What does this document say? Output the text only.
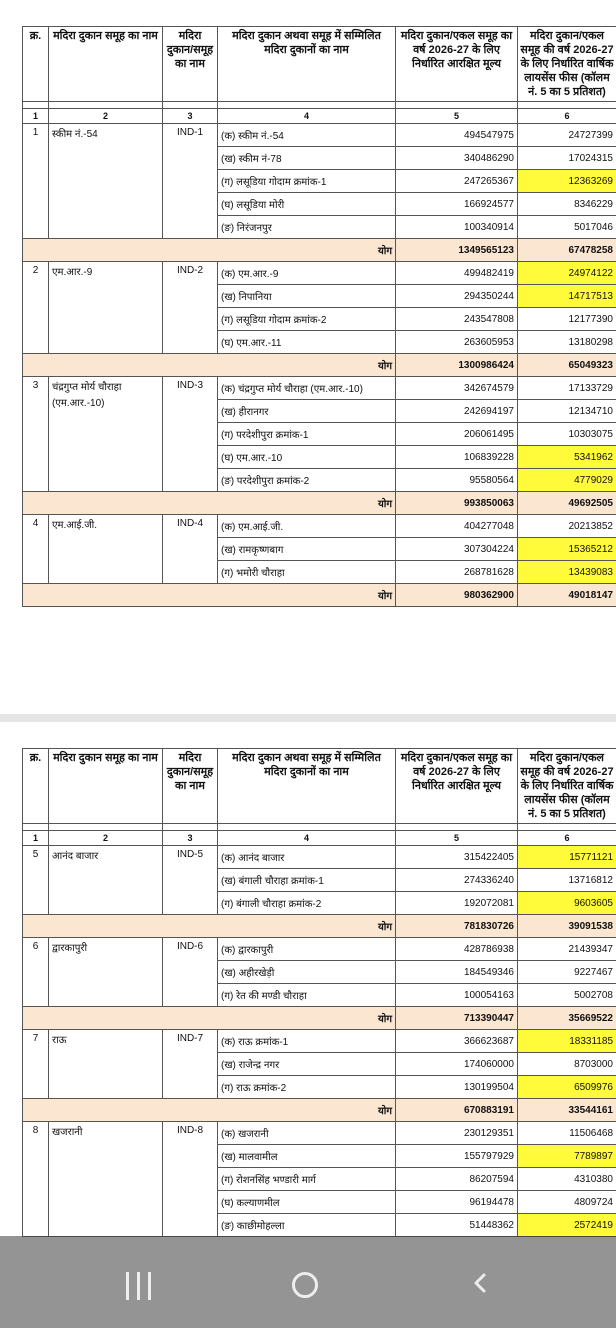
क्र.	मदिरा दुकान समूह का नाम	मदिरा दुकान/समूह का नाम	मदिरा दुकान अथवा समूह में सम्मिलित मदिरा दुकानों का नाम	मदिरा दुकान/एकल समूह का वर्ष 2026-27 के लिए निर्धारित आरक्षित मूल्य	मदिरा दुकान/एकल समूह की वर्ष 2026-27 के लिए निर्धारित वार्षिक लायसेंस फीस (कॉलम नं. 5 का 5 प्रतिशत)

1	2	3	4	5	6
1	स्कीम नं.-54	IND-1	(क) स्कीम नं.-54	494547975	24727399
			(ख) स्कीम नं-78	340486290	17024315
			(ग) लसूडिया गोदाम क्रमांक-1	247265367	12363269
			(घ) लसूडिया मोरी	166924577	8346229
			(ङ) निरंजनपुर	100340914	5017046
योग				1349565123	67478258
2	एम.आर.-9	IND-2	(क) एम.आर.-9	499482419	24974122
			(ख) निपानिया	294350244	14717513
			(ग) लसूडिया गोदाम क्रमांक-2	243547808	12177390
			(घ) एम.आर.-11	263605953	13180298
योग				1300986424	65049323
3	चंद्रगुप्त मोर्य चौराहा (एम.आर.-10)	IND-3	(क) चंद्रगुप्त मोर्य चौराहा (एम.आर.-10)	342674579	17133729
			(ख) हीरानगर	242694197	12134710
			(ग) परदेशीपुरा क्रमांक-1	206061495	10303075
			(घ) एम.आर.-10	106839228	5341962
			(ङ) परदेशीपुरा क्रमांक-2	95580564	4779029
योग				993850063	49692505
4	एम.आई.जी.	IND-4	(क) एम.आई.जी.	404277048	20213852
			(ख) रामकृष्णबाग	307304224	15365212
			(ग) भमोरी चौराहा	268781628	13439083
योग				980362900	49018147
क्र.	मदिरा दुकान समूह का नाम	मदिरा दुकान/समूह का नाम	मदिरा दुकान अथवा समूह में सम्मिलित मदिरा दुकानों का नाम	मदिरा दुकान/एकल समूह का वर्ष 2026-27 के लिए निर्धारित आरक्षित मूल्य	मदिरा दुकान/एकल समूह की वर्ष 2026-27 के लिए निर्धारित वार्षिक लायसेंस फीस (कॉलम नं. 5 का 5 प्रतिशत)

1	2	3	4	5	6
5	आनंद बाजार	IND-5	(क) आनंद बाजार	315422405	15771121
			(ख) बंगाली चौराहा क्रमांक-1	274336240	13716812
			(ग) बंगाली चौराहा क्रमांक-2	192072081	9603605
योग				781830726	39091538
6	द्वारकापुरी	IND-6	(क) द्वारकापुरी	428786938	21439347
			(ख) अहीरखेड़ी	184549346	9227467
			(ग) रेत की मण्डी चौराहा	100054163	5002708
योग				713390447	35669522
7	राऊ	IND-7	(क) राऊ क्रमांक-1	366623687	18331185
			(ख) राजेन्द्र नगर	174060000	8703000
			(ग) राऊ क्रमांक-2	130199504	6509976
योग				670883191	33544161
8	खजरानी	IND-8	(क) खजरानी	230129351	11506468
			(ख) मालवामील	155797929	7789897
			(ग) रोशनसिंह भण्डारी मार्ग	86207594	4310380
			(घ) कल्याणमील	96194478	4809724
			(ङ) काछीमोहल्ला	51448362	2572419
